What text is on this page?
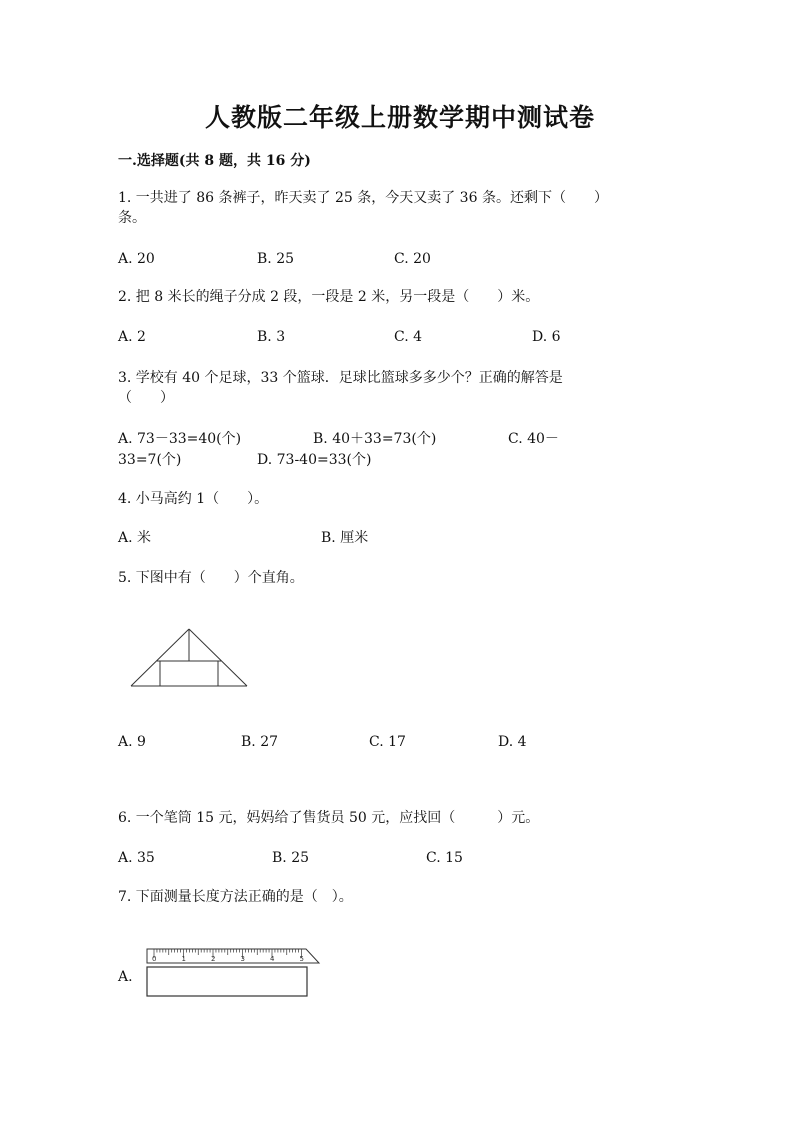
人教版二年级上册数学期中测试卷
一.选择题(共 8 题，共 16 分)
1. 一共进了 86 条裤子，昨天卖了 25 条，今天又卖了 36 条。还剩下（　　）
条。
A. 20	B. 25	C. 20
2. 把 8 米长的绳子分成 2 段，一段是 2 米，另一段是（　　）米。
A. 2	B. 3	C. 4	D. 6
3. 学校有 40 个足球，33 个篮球．足球比篮球多多少个？正确的解答是
（　　）
A. 73－33=40(个)	B. 40＋33=73(个)	C. 40－
33=7(个)	D. 73-40=33(个)
4. 小马高约 1（　　）。
A. 米	B. 厘米
5. 下图中有（　　）个直角。
A. 9	B. 27	C. 17	D. 4
6. 一个笔筒 15 元，妈妈给了售货员 50 元，应找回（　　　）元。
A. 35	B. 25	C. 15
7. 下面测量长度方法正确的是（　）。
A.
0	1	2	3	4	5
